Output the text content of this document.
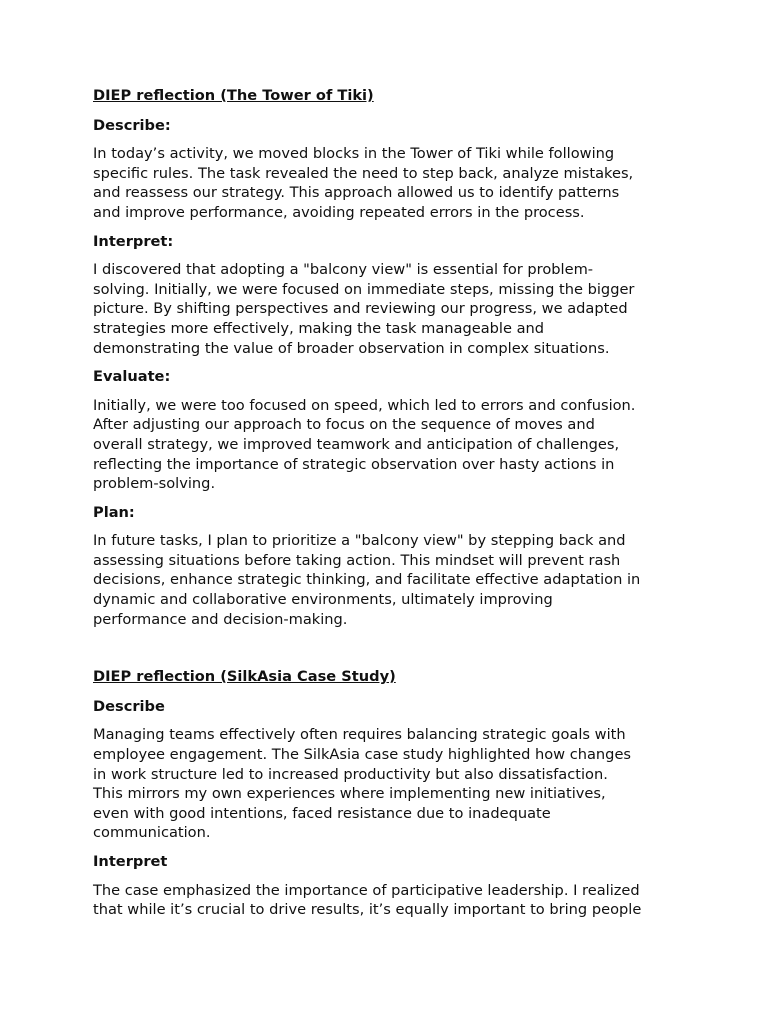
DIEP reflection (The Tower of Tiki)
Describe:
In today’s activity, we moved blocks in the Tower of Tiki while following
specific rules. The task revealed the need to step back, analyze mistakes,
and reassess our strategy. This approach allowed us to identify patterns
and improve performance, avoiding repeated errors in the process.
Interpret:
I discovered that adopting a "balcony view" is essential for problem-
solving. Initially, we were focused on immediate steps, missing the bigger
picture. By shifting perspectives and reviewing our progress, we adapted
strategies more effectively, making the task manageable and
demonstrating the value of broader observation in complex situations.
Evaluate:
Initially, we were too focused on speed, which led to errors and confusion.
After adjusting our approach to focus on the sequence of moves and
overall strategy, we improved teamwork and anticipation of challenges,
reflecting the importance of strategic observation over hasty actions in
problem-solving.
Plan:
In future tasks, I plan to prioritize a "balcony view" by stepping back and
assessing situations before taking action. This mindset will prevent rash
decisions, enhance strategic thinking, and facilitate effective adaptation in
dynamic and collaborative environments, ultimately improving
performance and decision-making.
DIEP reflection (SilkAsia Case Study)
Describe
Managing teams effectively often requires balancing strategic goals with
employee engagement. The SilkAsia case study highlighted how changes
in work structure led to increased productivity but also dissatisfaction.
This mirrors my own experiences where implementing new initiatives,
even with good intentions, faced resistance due to inadequate
communication.
Interpret
The case emphasized the importance of participative leadership. I realized
that while it’s crucial to drive results, it’s equally important to bring people
